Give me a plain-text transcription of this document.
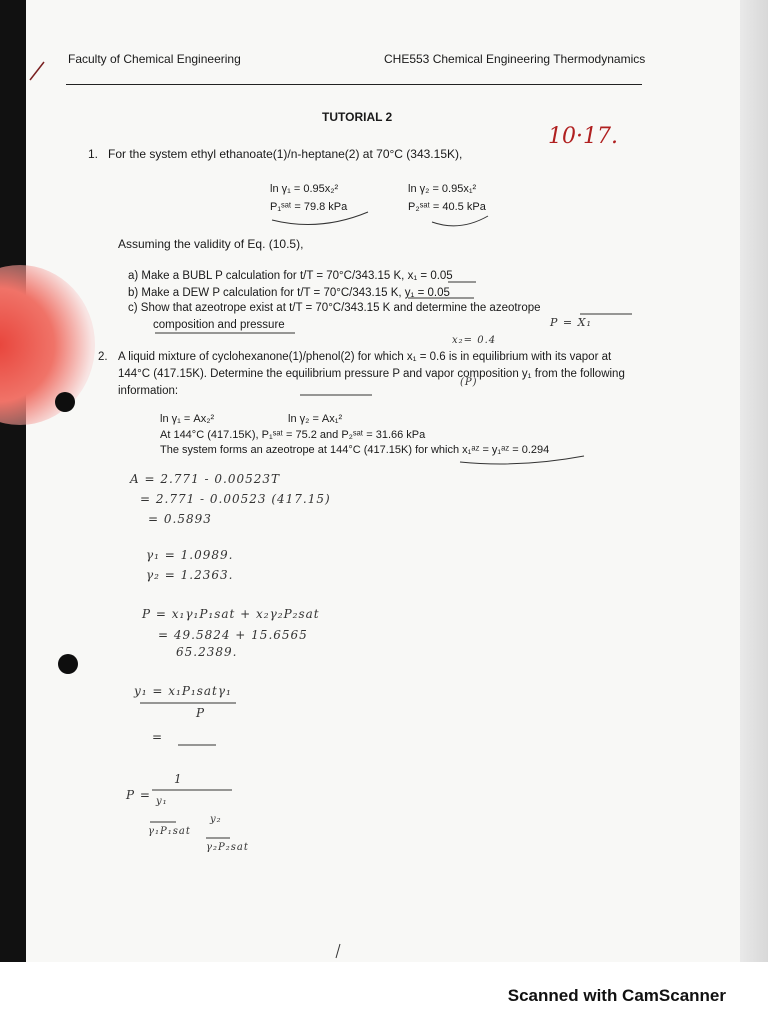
Faculty of Chemical Engineering	CHE553 Chemical Engineering Thermodynamics
TUTORIAL 2
1. For the system ethyl ethanoate(1)/n-heptane(2) at 70°C (343.15K),
ln γ₁ = 0.95x₂²
P₁ˢᵃᵗ = 79.8 kPa
ln γ₂ = 0.95x₁²
P₂ˢᵃᵗ = 40.5 kPa
Assuming the validity of Eq. (10.5),
a) Make a BUBL P calculation for t/T = 70°C/343.15 K, x₁ = 0.05
b) Make a DEW P calculation for t/T = 70°C/343.15 K, y₁ = 0.05
c) Show that azeotrope exist at t/T = 70°C/343.15 K and determine the azeotrope
composition and pressure
2. A liquid mixture of cyclohexanone(1)/phenol(2) for which x₁ = 0.6 is in equilibrium with its vapor at 144°C (417.15K). Determine the equilibrium pressure P and vapor composition y₁ from the following information:
ln γ₁ = Ax₂²	ln γ₂ = Ax₁²
At 144°C (417.15K), P₁ˢᵃᵗ = 75.2 and P₂ˢᵃᵗ = 31.66 kPa
The system forms an azeotrope at 144°C (417.15K) for which x₁ᵃᶻ = y₁ᵃᶻ = 0.294
10·17.
x₂= 0.4
(P)
P = X₁
A = 2.771 - 0.00523T
= 2.771 - 0.00523 (417.15)
= 0.5893
γ₁ = 1.0989.
γ₂ = 1.2363.
P = x₁γ₁P₁sat + x₂γ₂P₂sat
= 49.5824 + 15.6565
65.2389.
y₁ = x₁P₁satγ₁
P
=
P =
1
y₁
γ₁P₁sat
y₂
γ₂P₂sat
Scanned with CamScanner
